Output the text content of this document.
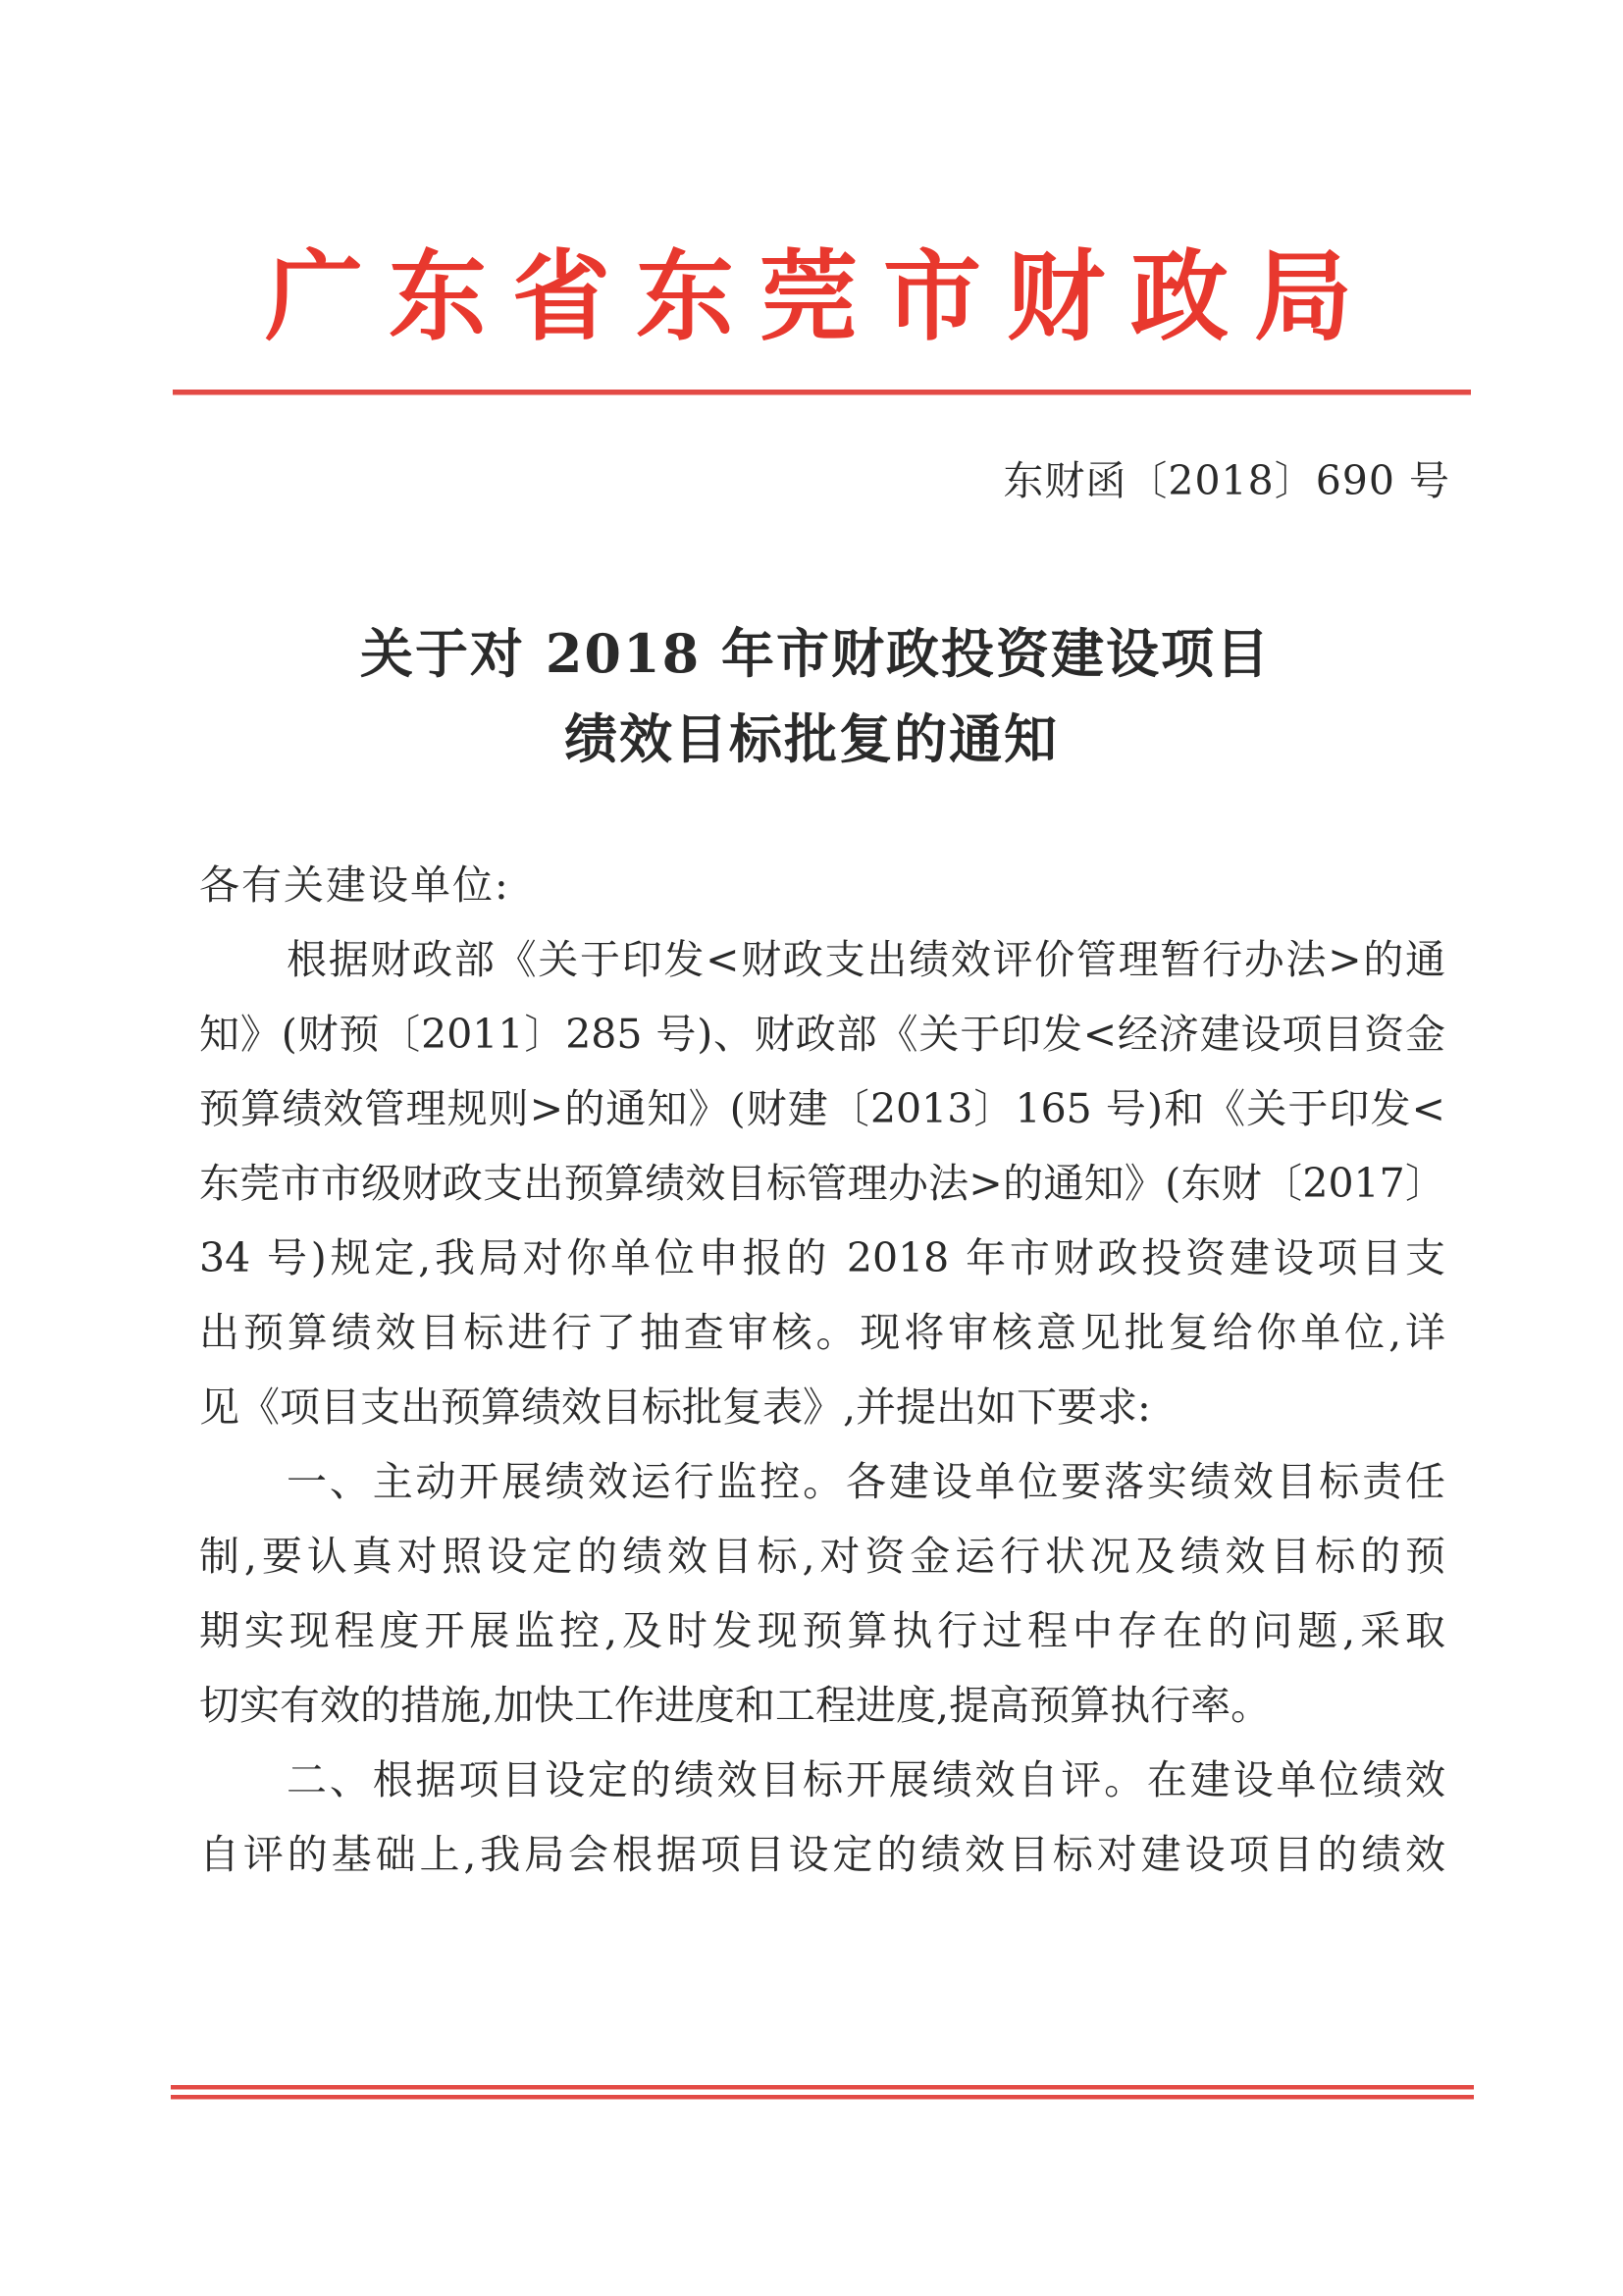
广东省东莞市财政局
东财函〔2018〕690 号
关于对 2018 年市财政投资建设项目
绩效目标批复的通知
各有关建设单位:
根据财政部《关于印发<财政支出绩效评价管理暂行办法>的通
知》(财预〔2011〕285 号)、财政部《关于印发<经济建设项目资金
预算绩效管理规则>的通知》(财建〔2013〕165 号)和《关于印发<
东莞市市级财政支出预算绩效目标管理办法>的通知》(东财〔2017〕
34 号)规定,我局对你单位申报的 2018 年市财政投资建设项目支
出预算绩效目标进行了抽查审核。现将审核意见批复给你单位,详
见《项目支出预算绩效目标批复表》,并提出如下要求:
一、主动开展绩效运行监控。各建设单位要落实绩效目标责任
制,要认真对照设定的绩效目标,对资金运行状况及绩效目标的预
期实现程度开展监控,及时发现预算执行过程中存在的问题,采取
切实有效的措施,加快工作进度和工程进度,提高预算执行率。
二、根据项目设定的绩效目标开展绩效自评。在建设单位绩效
自评的基础上,我局会根据项目设定的绩效目标对建设项目的绩效
